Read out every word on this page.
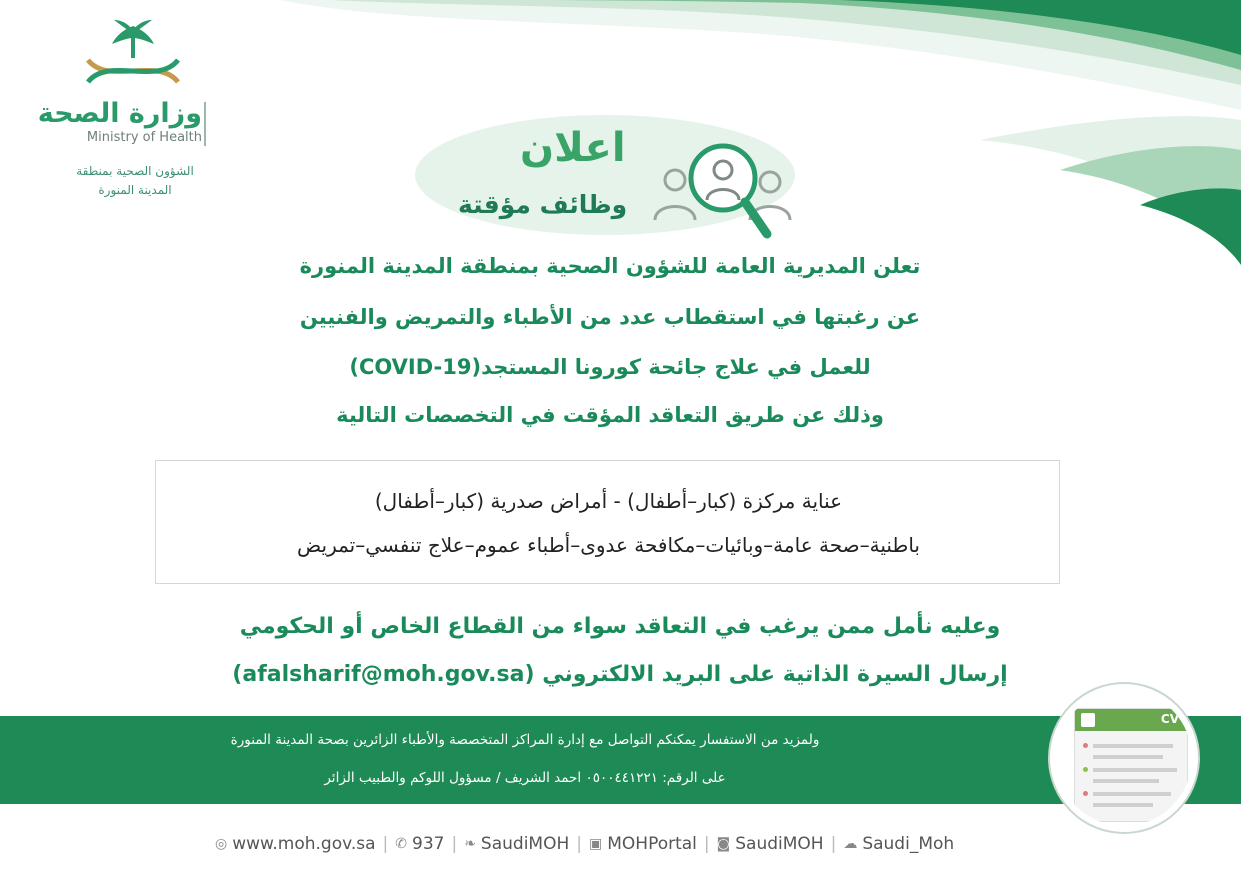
وزارة الصحة
Ministry of Health
الشؤون الصحية بمنطقة
المدينة المنورة
اعلان
وظائف مؤقتة
تعلن المديرية العامة للشؤون الصحية بمنطقة المدينة المنورة
عن رغبتها في استقطاب عدد من الأطباء والتمريض والفنيين
للعمل في علاج جائحة كورونا المستجد(COVID-19)
وذلك عن طريق التعاقد المؤقت في التخصصات التالية
عناية مركزة (كبار–أطفال) - أمراض صدرية (كبار–أطفال)
باطنية–صحة عامة–وبائيات–مكافحة عدوى–أطباء عموم–علاج تنفسي–تمريض
وعليه نأمل ممن يرغب في التعاقد سواء من القطاع الخاص أو الحكومي
إرسال السيرة الذاتية على البريد الالكتروني (afalsharif@moh.gov.sa)
ولمزيد من الاستفسار يمكنكم التواصل مع إدارة المراكز المتخصصة والأطباء الزائرين بصحة المدينة المنورة
على الرقم: ٠٥٠٠٤٤١٢٢١ احمد الشريف / مسؤول اللوكم والطبيب الزائر
CV
◎ www.moh.gov.sa | ✆ 937 | ❧ SaudiMOH | ▣ MOHPortal | ◙ SaudiMOH | ☁ Saudi_Moh
